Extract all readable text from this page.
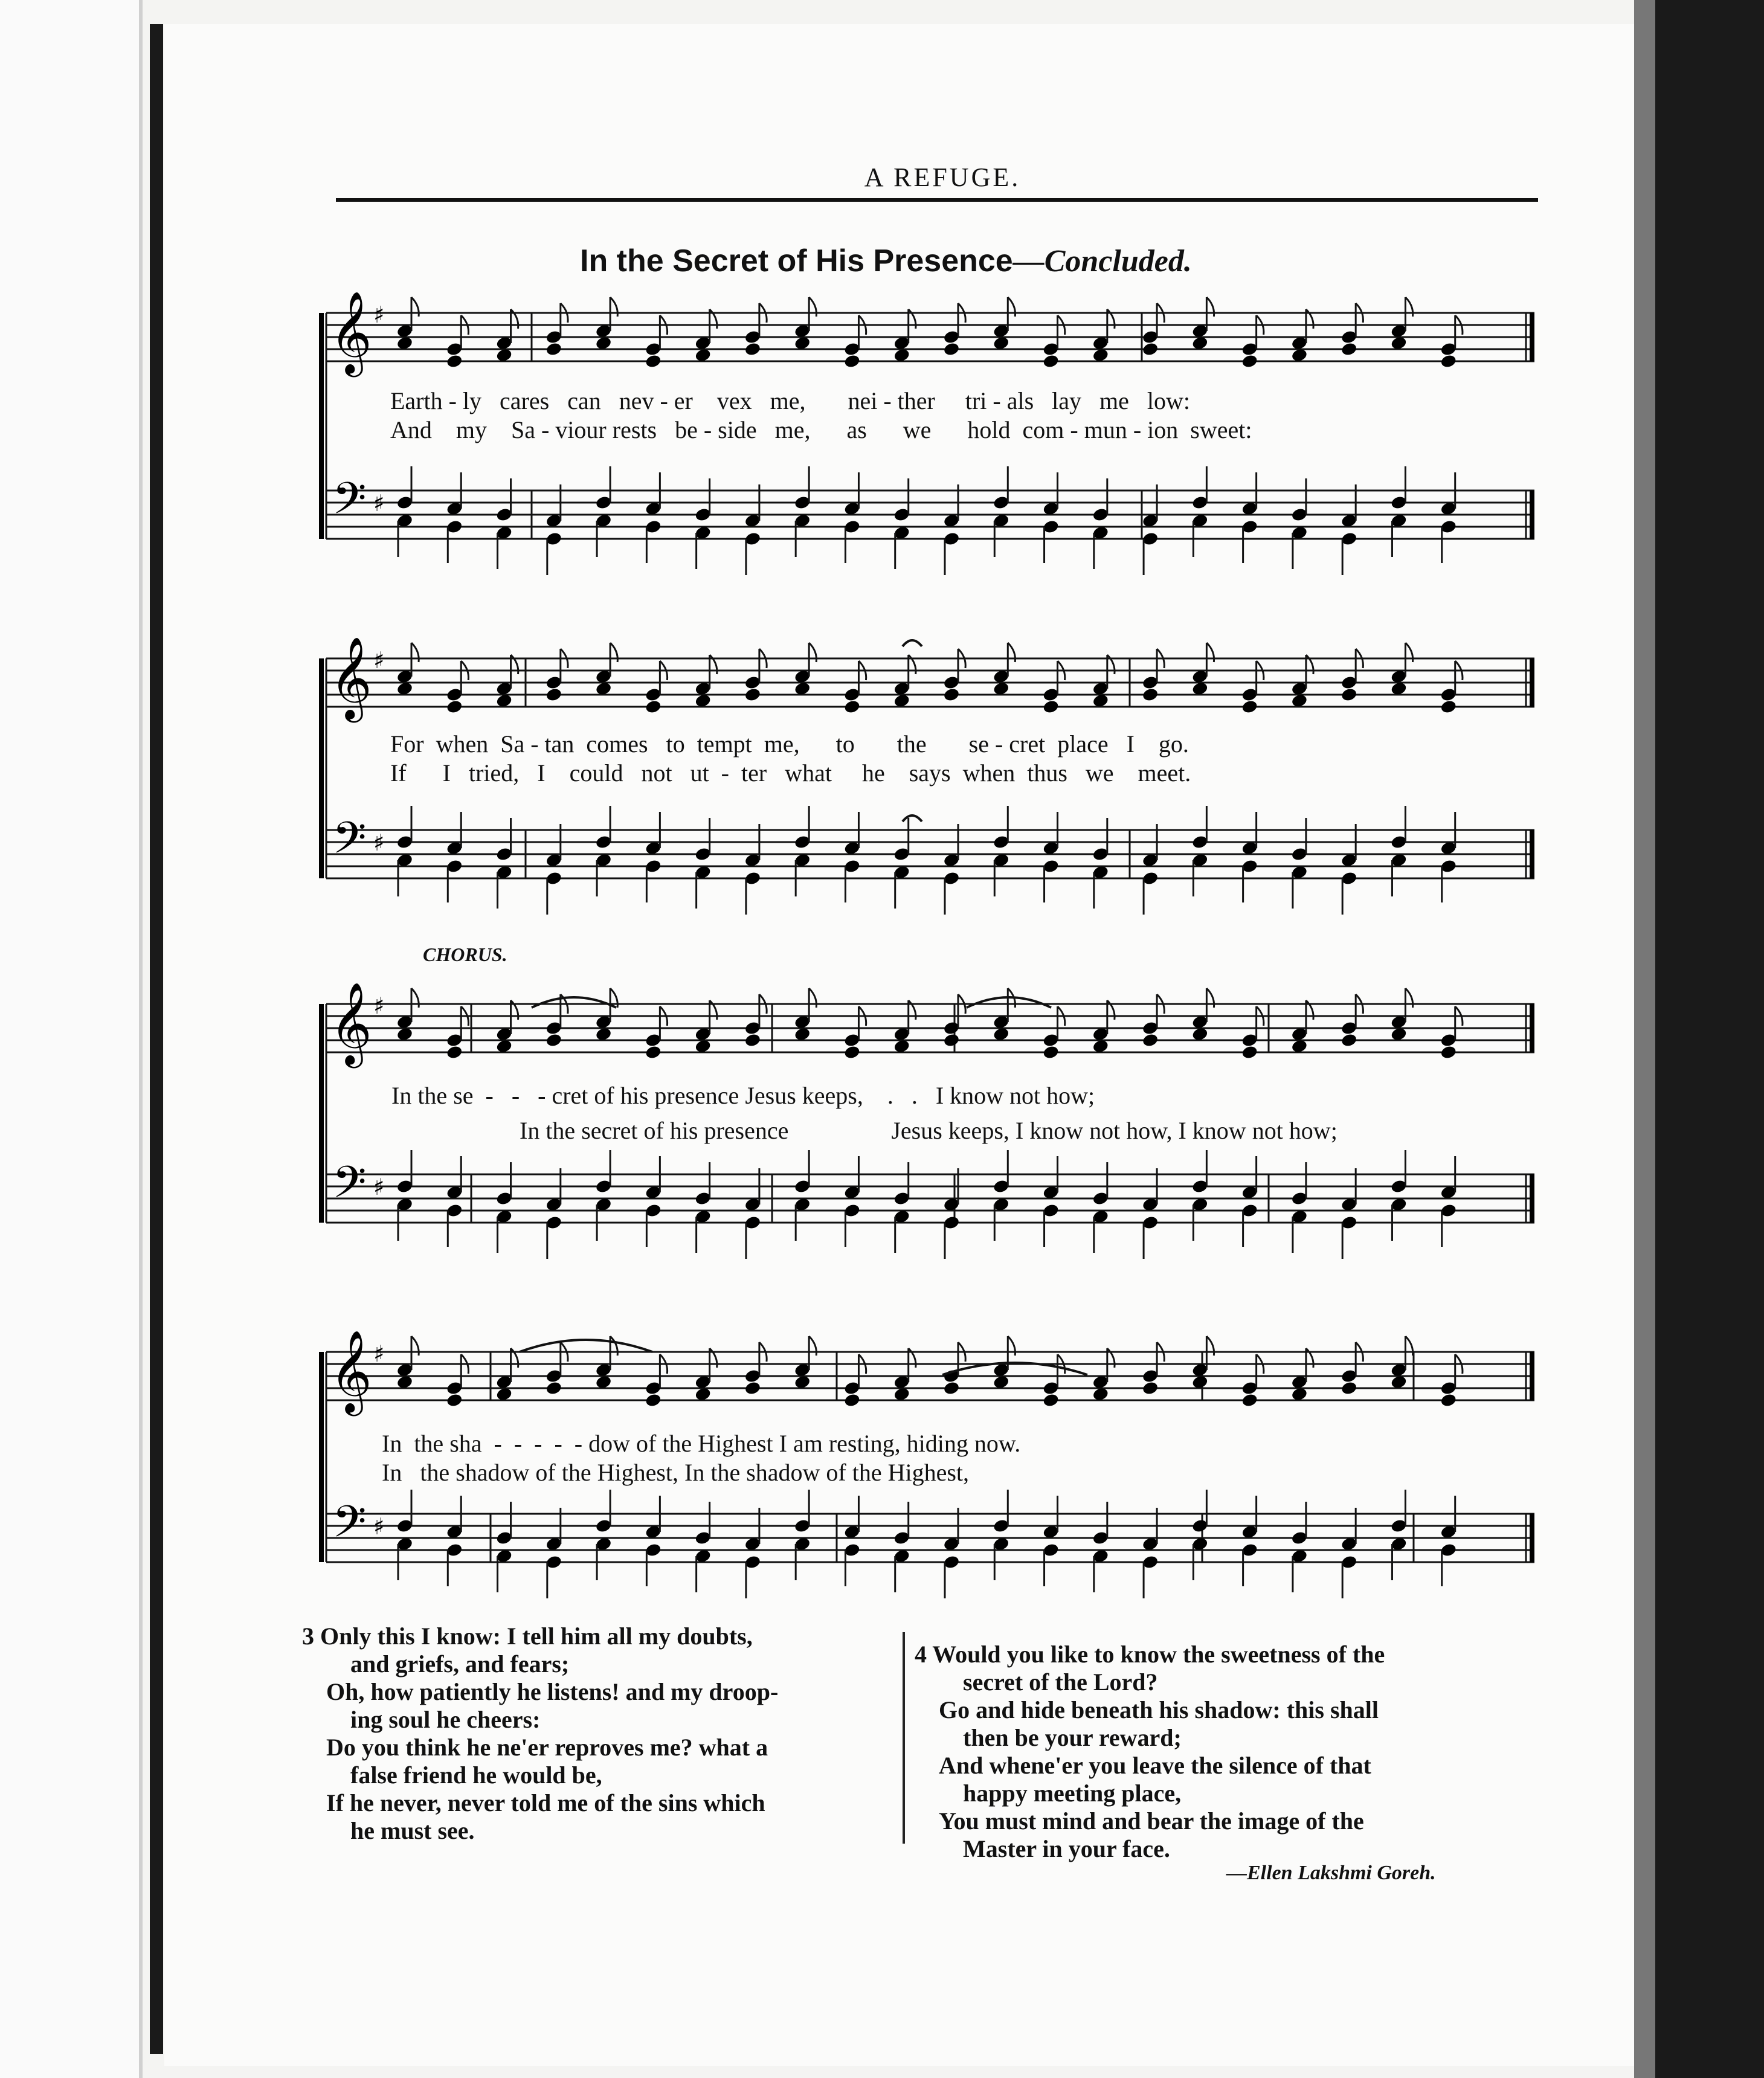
A REFUGE.
In the Secret of His Presence—Concluded.
𝄞
𝄢
♯
♯
𝄞
𝄢
♯
♯
𝄞
𝄢
♯
♯
𝄞
𝄢
♯
♯
CHORUS.
Earth - ly   cares   can   nev - er    vex   me,       nei - ther     tri - als   lay   me   low:
And    my    Sa - viour rests   be - side   me,      as      we      hold  com - mun - ion  sweet:
For  when  Sa - tan  comes   to  tempt  me,      to       the       se - cret  place   I    go.
If      I   tried,   I    could   not   ut  -  ter   what     he    says  when  thus   we    meet.
In the se  -   -   - cret of his presence Jesus keeps,    .   .   I know not how;
In the secret of his presence                 Jesus keeps, I know not how, I know not how;
In  the sha  -  -  -  -  - dow of the Highest I am resting, hiding now.
In   the shadow of the Highest, In the shadow of the Highest,

3 Only this I know: I tell him all my doubts,

and griefs, and fears;

Oh, how patiently he listens! and my droop-

ing soul he cheers:

Do you think he ne'er reproves me? what a

false friend he would be,

If he never, never told me of the sins which

he must see.

4 Would you like to know the sweetness of the

secret of the Lord?

Go and hide beneath his shadow: this shall

then be your reward;

And whene'er you leave the silence of that

happy meeting place,

You must mind and bear the image of the

Master in your face.

—Ellen Lakshmi Goreh.
